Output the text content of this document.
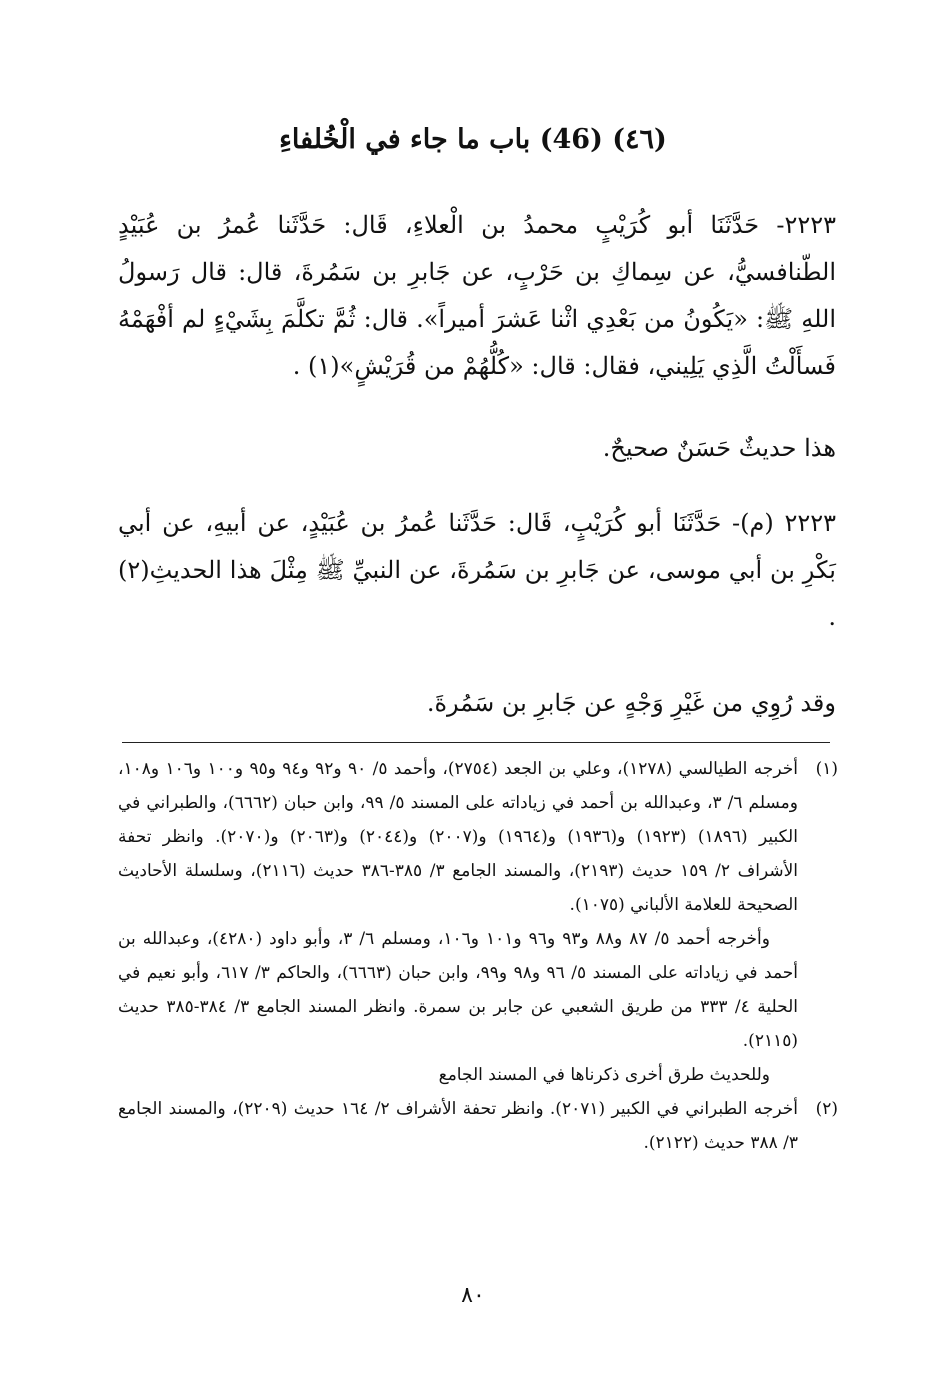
(٤٦) (46) باب ما جاء في الْخُلفاءِ
٢٢٢٣- حَدَّثَنَا أبو كُرَيْبٍ محمدُ بن الْعلاءِ، قَال: حَدَّثَنا عُمرُ بن عُبَيْدٍ الطّنافسيُّ، عن سِماكِ بن حَرْبٍ، عن جَابرِ بن سَمُرةَ، قال: قال رَسولُ اللهِ ﷺ: «يَكُونُ من بَعْدِي اثْنا عَشرَ أميراً». قال: ثُمَّ تكلَّمَ بِشَيْءٍ لم أفْهَمْهُ فَسأَلْتُ الَّذِي يَلِيني، فقال: قال: «كُلُّهُمْ من قُرَيْشٍ»(١) .
هذا حديثٌ حَسَنٌ صحيحٌ.
٢٢٢٣ (م)- حَدَّثَنَا أبو كُرَيْبٍ، قَال: حَدَّثَنا عُمرُ بن عُبَيْدٍ، عن أبيهِ، عن أبي بَكْرِ بن أبي موسى، عن جَابرِ بن سَمُرةَ، عن النبيِّ ﷺ مِثْلَ هذا الحديثِ(٢) .
وقد رُوِي من غَيْرِ وَجْهٍ عن جَابرِ بن سَمُرةَ.
(١)

أخرجه الطيالسي (١٢٧٨)، وعلي بن الجعد (٢٧٥٤)، وأحمد ٥/ ٩٠ و٩٢ و٩٤ و٩٥ و١٠٠ و١٠٦ و١٠٨، ومسلم ٦/ ٣، وعبدالله بن أحمد في زياداته على المسند ٥/ ٩٩، وابن حبان (٦٦٦٢)، والطبراني في الكبير (١٨٩٦) (١٩٢٣) و(١٩٣٦) و(١٩٦٤) و(٢٠٠٧) و(٢٠٤٤) و(٢٠٦٣) و(٢٠٧٠). وانظر تحفة الأشراف ٢/ ١٥٩ حديث (٢١٩٣)، والمسند الجامع ٣/ ٣٨٥-٣٨٦ حديث (٢١١٦)، وسلسلة الأحاديث الصحيحة للعلامة الألباني (١٠٧٥).

وأخرجه أحمد ٥/ ٨٧ و٨٨ و٩٣ و٩٦ و١٠١ و١٠٦، ومسلم ٦/ ٣، وأبو داود (٤٢٨٠)، وعبدالله بن أحمد في زياداته على المسند ٥/ ٩٦ و٩٨ و٩٩، وابن حبان (٦٦٦٣)، والحاكم ٣/ ٦١٧، وأبو نعيم في الحلية ٤/ ٣٣٣ من طريق الشعبي عن جابر بن سمرة. وانظر المسند الجامع ٣/ ٣٨٤-٣٨٥ حديث (٢١١٥).

وللحديث طرق أخرى ذكرناها في المسند الجامع

(٢)

أخرجه الطبراني في الكبير (٢٠٧١). وانظر تحفة الأشراف ٢/ ١٦٤ حديث (٢٢٠٩)، والمسند الجامع ٣/ ٣٨٨ حديث (٢١٢٢).

٨٠
